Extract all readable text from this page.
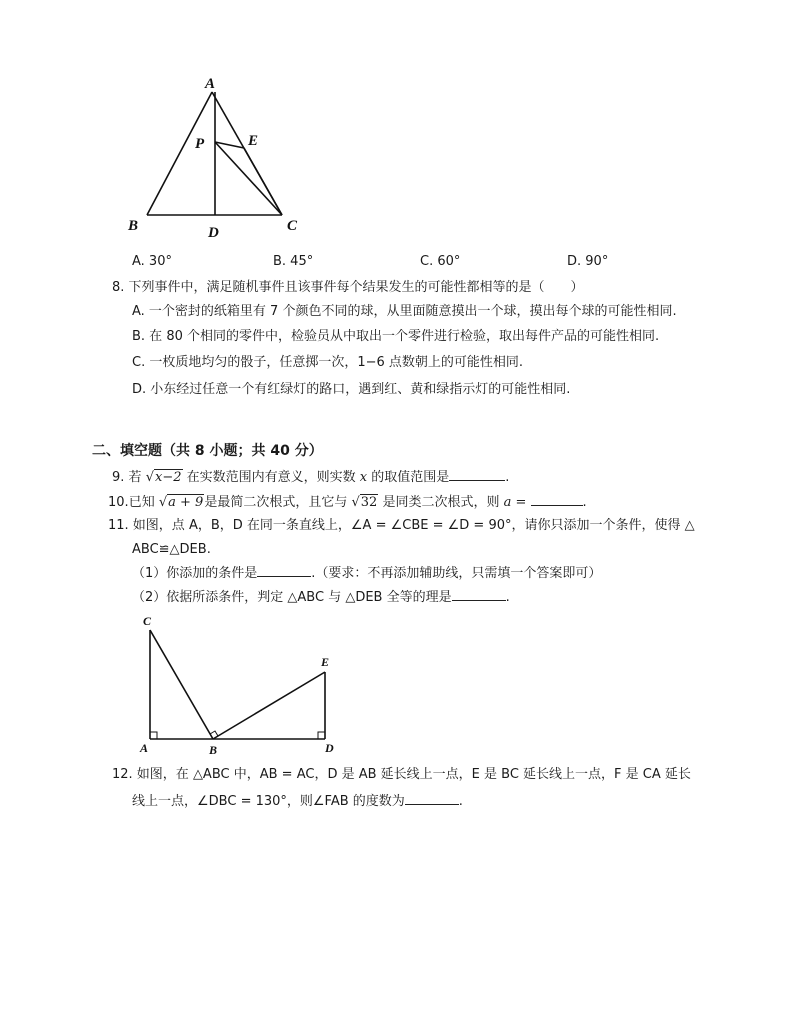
A
P	E
B	D	C
A. 30°	B. 45°	C. 60°	D. 90°
8. 下列事件中，满足随机事件且该事件每个结果发生的可能性都相等的是（　　）
A. 一个密封的纸箱里有 7 个颜色不同的球，从里面随意摸出一个球，摸出每个球的可能性相同.
B. 在 80 个相同的零件中，检验员从中取出一个零件进行检验，取出每件产品的可能性相同.
C. 一枚质地均匀的骰子，任意掷一次，1−6 点数朝上的可能性相同.
D. 小东经过任意一个有红绿灯的路口，遇到红、黄和绿指示灯的可能性相同.
二、填空题（共 8 小题；共 40 分）
9. 若 √x−2 在实数范围内有意义，则实数 x 的取值范围是	.
10.已知 √a + 9是最简二次根式，且它与 √32 是同类二次根式，则 a =	.
11. 如图，点 A，B，D 在同一条直线上，∠A = ∠CBE = ∠D = 90°，请你只添加一个条件，使得 △
ABC≌△DEB.
（1）你添加的条件是	.（要求：不再添加辅助线，只需填一个答案即可）
（2）依据所添条件，判定 △ABC 与 △DEB 全等的理是	.
C
E
A	B	D
12. 如图，在 △ABC 中，AB = AC，D 是 AB 延长线上一点，E 是 BC 延长线上一点，F 是 CA 延长
线上一点，∠DBC = 130°，则∠FAB 的度数为	.
